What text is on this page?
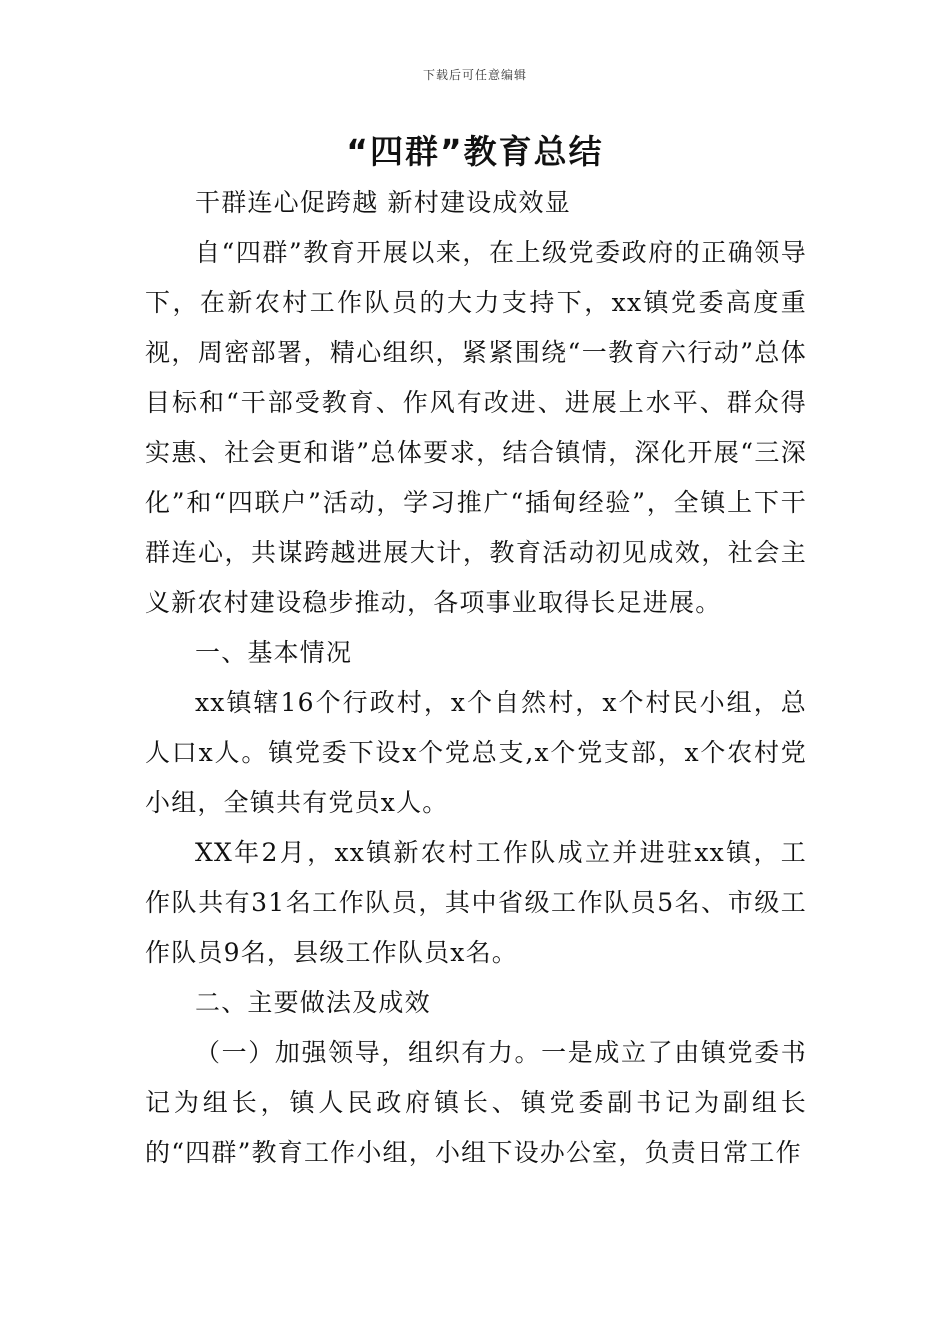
下载后可任意编辑
“四群”教育总结

干群连心促跨越 新村建设成效显

自“四群”教育开展以来，在上级党委政府的正确领导下，在新农村工作队员的大力支持下，xx镇党委高度重视，周密部署，精心组织，紧紧围绕“一教育六行动”总体目标和“干部受教育、作风有改进、进展上水平、群众得实惠、社会更和谐”总体要求，结合镇情，深化开展“三深化”和“四联户”活动，学习推广“插甸经验”，全镇上下干群连心，共谋跨越进展大计，教育活动初见成效，社会主义新农村建设稳步推动，各项事业取得长足进展。

一、基本情况

xx镇辖16个行政村，x个自然村，x个村民小组，总人口x人。镇党委下设x个党总支,x个党支部，x个农村党小组，全镇共有党员x人。

XX年2月，xx镇新农村工作队成立并进驻xx镇，工作队共有31名工作队员，其中省级工作队员5名、市级工作队员9名，县级工作队员x名。

二、主要做法及成效

（一）加强领导，组织有力。一是成立了由镇党委书记为组长，镇人民政府镇长、镇党委副书记为副组长的“四群”教育工作小组，小组下设办公室，负责日常工作
